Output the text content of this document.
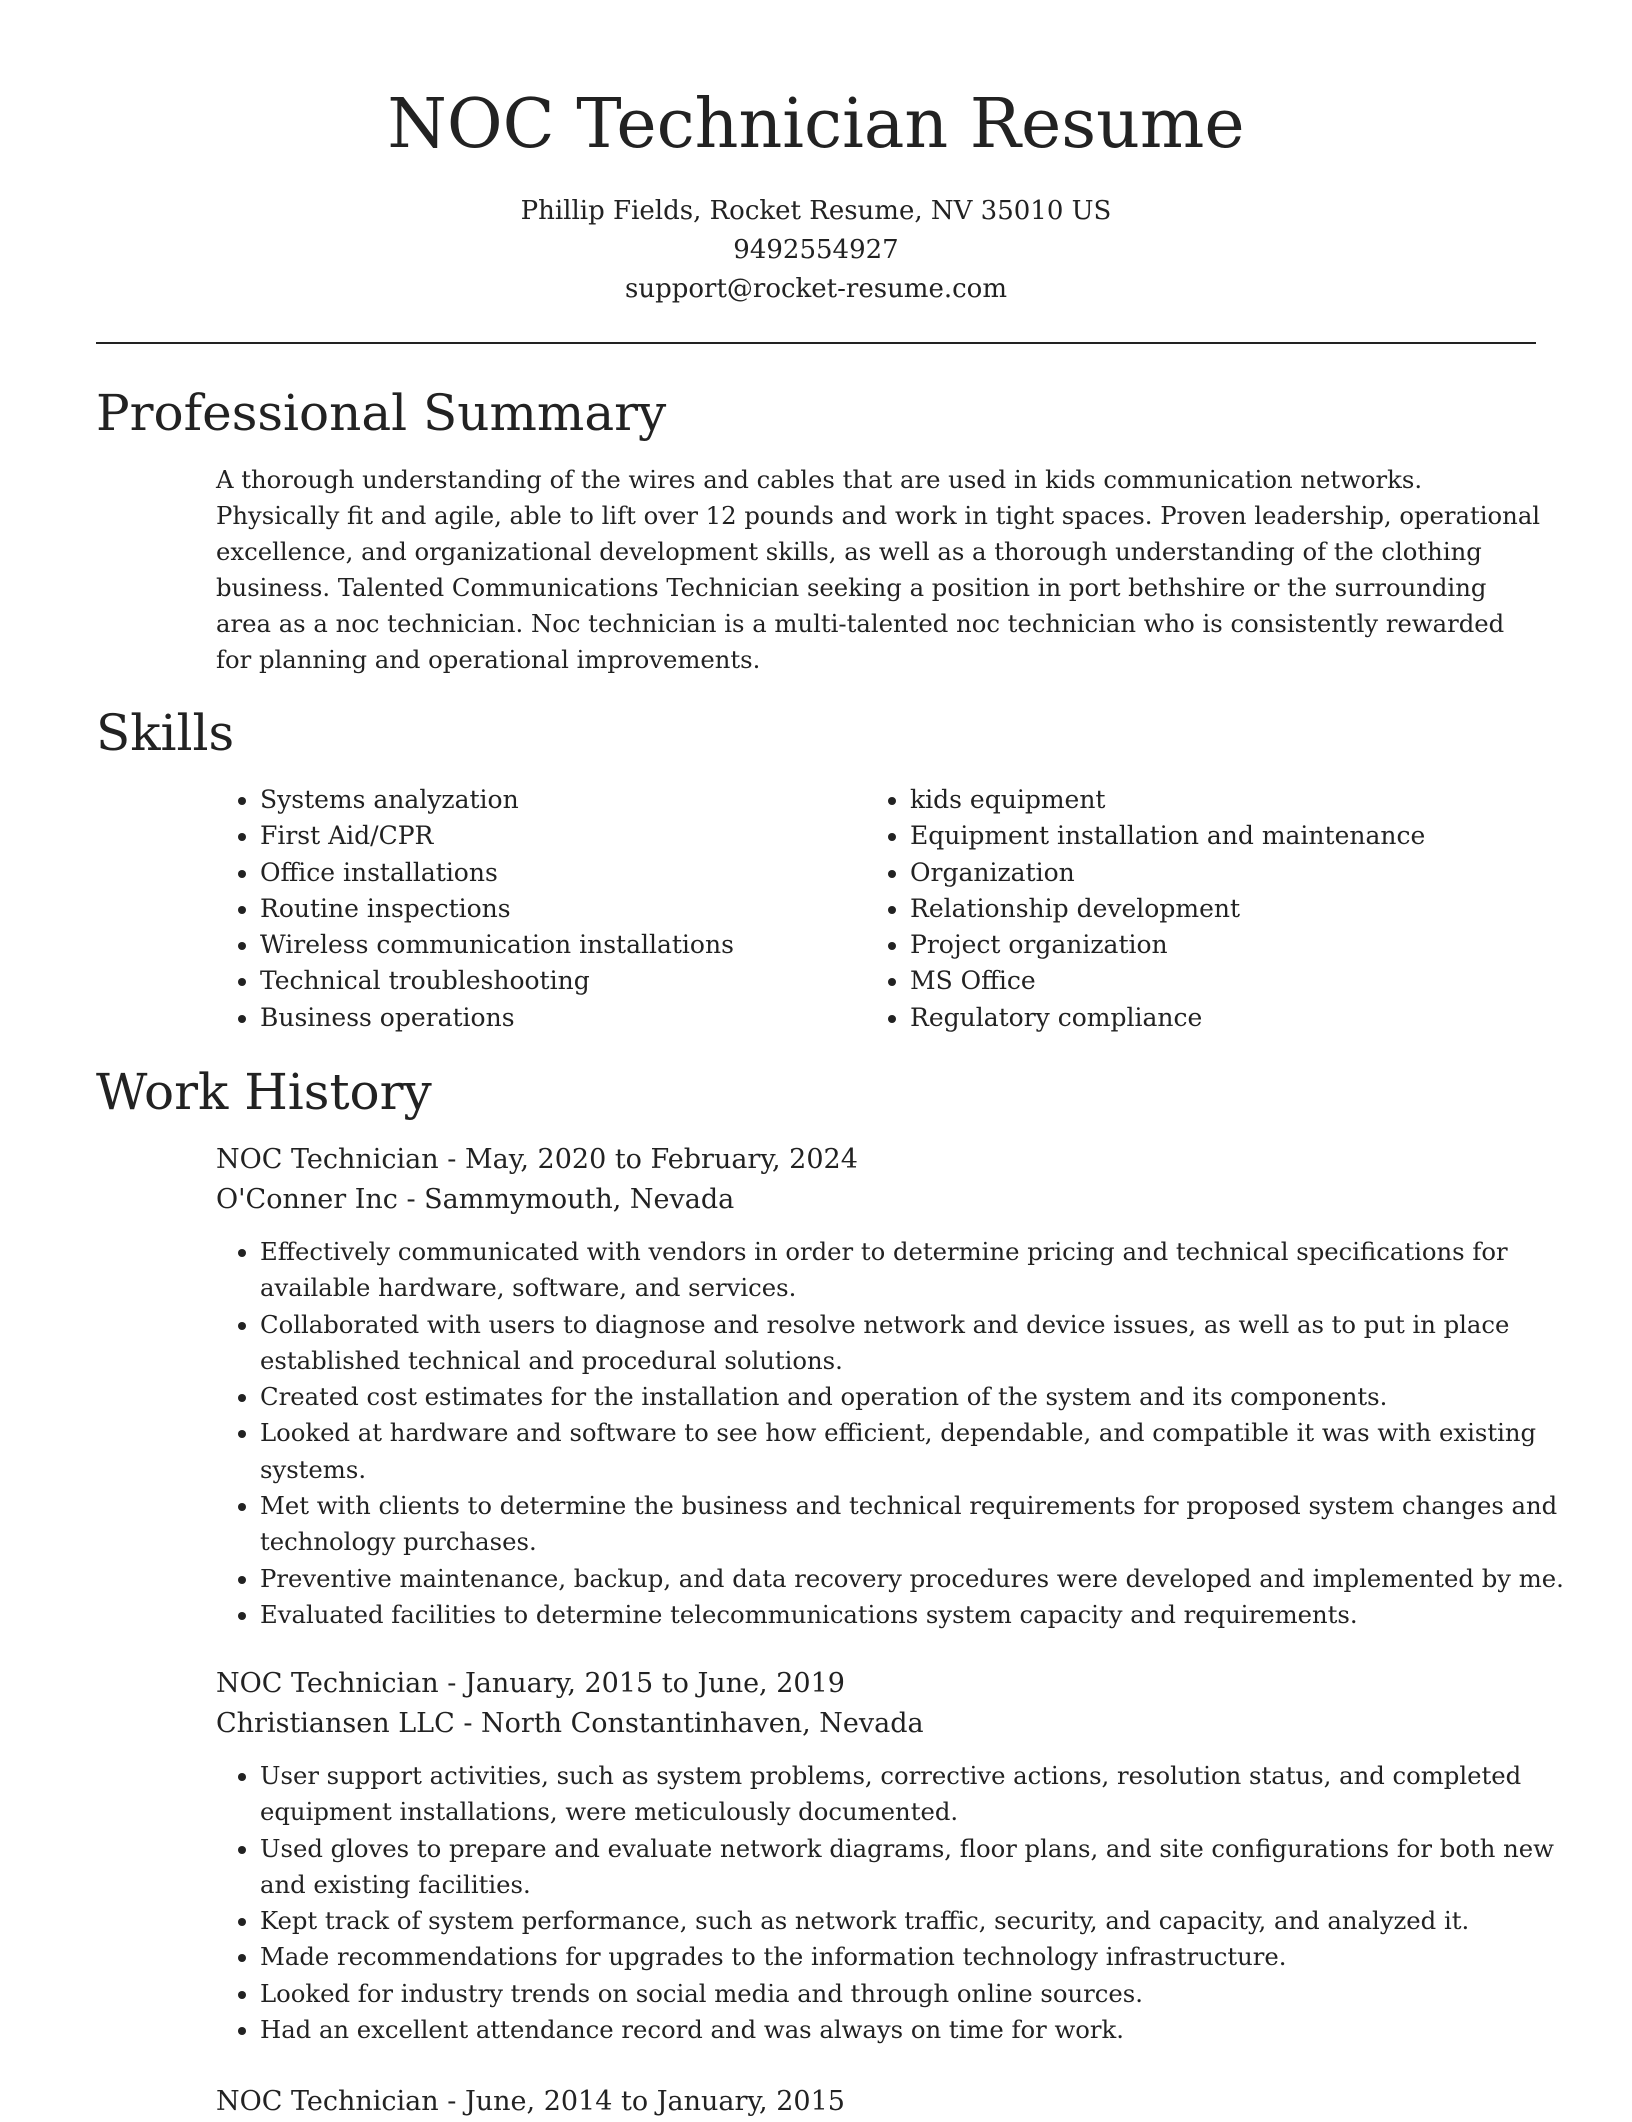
NOC Technician Resume
Phillip Fields, Rocket Resume, NV 35010 US
9492554927
support@rocket-resume.com
Professional Summary
A thorough understanding of the wires and cables that are used in kids communication networks. Physically fit and agile, able to lift over 12 pounds and work in tight spaces. Proven leadership, operational excellence, and organizational development skills, as well as a thorough understanding of the clothing business. Talented Communications Technician seeking a position in port bethshire or the surrounding area as a noc technician. Noc technician is a multi-talented noc technician who is consistently rewarded for planning and operational improvements.
Skills
• Systems analyzation
• First Aid/CPR
• Office installations
• Routine inspections
• Wireless communication installations
• Technical troubleshooting
• Business operations
• kids equipment
• Equipment installation and maintenance
• Organization
• Relationship development
• Project organization
• MS Office
• Regulatory compliance
Work History
NOC Technician - May, 2020 to February, 2024
O'Conner Inc - Sammymouth, Nevada
• Effectively communicated with vendors in order to determine pricing and technical specifications for available hardware, software, and services.
• Collaborated with users to diagnose and resolve network and device issues, as well as to put in place established technical and procedural solutions.
• Created cost estimates for the installation and operation of the system and its components.
• Looked at hardware and software to see how efficient, dependable, and compatible it was with existing systems.
• Met with clients to determine the business and technical requirements for proposed system changes and technology purchases.
• Preventive maintenance, backup, and data recovery procedures were developed and implemented by me.
• Evaluated facilities to determine telecommunications system capacity and requirements.
NOC Technician - January, 2015 to June, 2019
Christiansen LLC - North Constantinhaven, Nevada
• User support activities, such as system problems, corrective actions, resolution status, and completed equipment installations, were meticulously documented.
• Used gloves to prepare and evaluate network diagrams, floor plans, and site configurations for both new and existing facilities.
• Kept track of system performance, such as network traffic, security, and capacity, and analyzed it.
• Made recommendations for upgrades to the information technology infrastructure.
• Looked for industry trends on social media and through online sources.
• Had an excellent attendance record and was always on time for work.
NOC Technician - June, 2014 to January, 2015
